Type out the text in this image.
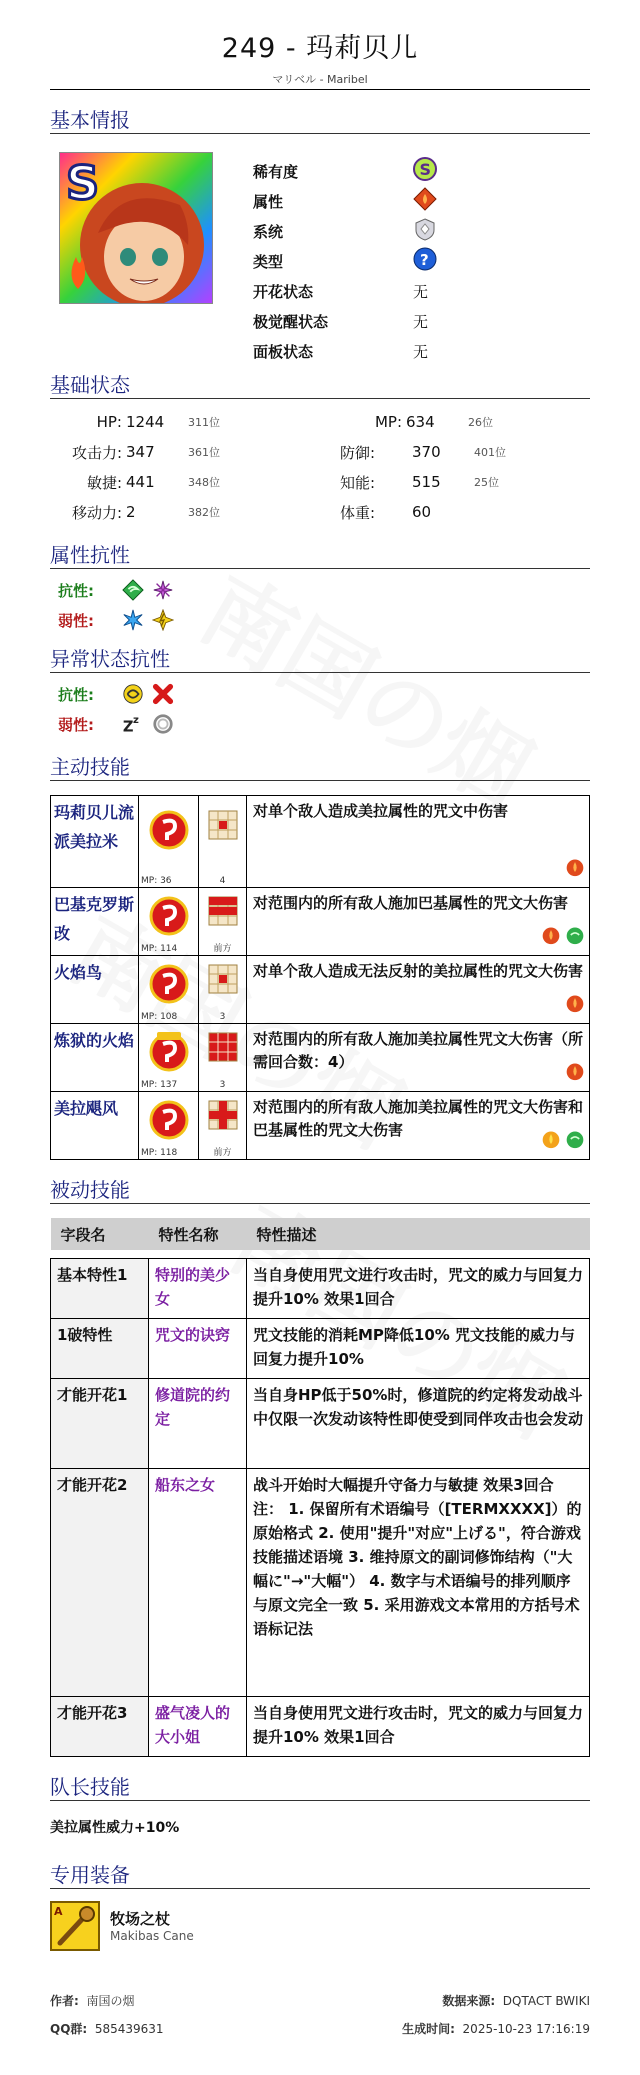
249 - 玛莉贝儿
マリベル - Maribel
基本情报
S	稀有度	S
属性
系统
类型	?
开花状态	无
极觉醒状态	无
面板状态	无
基础状态
HP: 1244	311位	MP: 634	26位
攻击力: 347	361位	防御:	370	401位
敏捷: 441	348位	知能:	515	25位
移动力: 2	382位	体重:	60
属性抗性
抗性:
弱性:
异常状态抗性
抗性:
弱性:	Z z
主动技能
玛莉贝儿流派美拉米	MP: 36	4	对单个敌人造成美拉属性的咒文中伤害

巴基克罗斯 改	MP: 114	前方	对范围内的所有敌人施加巴基属性的咒文大伤害

火焰鸟	MP: 108	3	对单个敌人造成无法反射的美拉属性的咒文大伤害

炼狱的火焰	MP: 137	3	对范围内的所有敌人施加美拉属性咒文大伤害（所需回合数：4）

美拉飓风	MP: 118	前方	对范围内的所有敌人施加美拉属性的咒文大伤害和巴基属性的咒文大伤害
被动技能
字段名	特性名称	特性描述

基本特性1	特别的美少女	当自身使用咒文进行攻击时，咒文的威力与回复力提升10% 效果1回合
1破特性	咒文的诀窍	咒文技能的消耗MP降低10% 咒文技能的威力与回复力提升10%
才能开花1	修道院的约定	当自身HP低于50%时，修道院的约定将发动战斗中仅限一次发动该特性即使受到同伴攻击也会发动
才能开花2	船东之女	战斗开始时大幅提升守备力与敏捷 效果3回合 注： 1. 保留所有术语编号（[TERMXXXX]）的原始格式 2. 使用"提升"对应"上げる"，符合游戏技能描述语境 3. 维持原文的副词修饰结构（"大幅に"→"大幅"） 4. 数字与术语编号的排列顺序与原文完全一致 5. 采用游戏文本常用的方括号术语标记法
才能开花3	盛气凌人的大小姐	当自身使用咒文进行攻击时，咒文的威力与回复力提升10% 效果1回合
队长技能
美拉属性威力+10%
专用装备
A	牧场之杖
Makibas Cane
作者: 南国の烟	数据来源: DQTACT BWIKI
QQ群: 585439631	生成时间: 2025-10-23 17:16:19
